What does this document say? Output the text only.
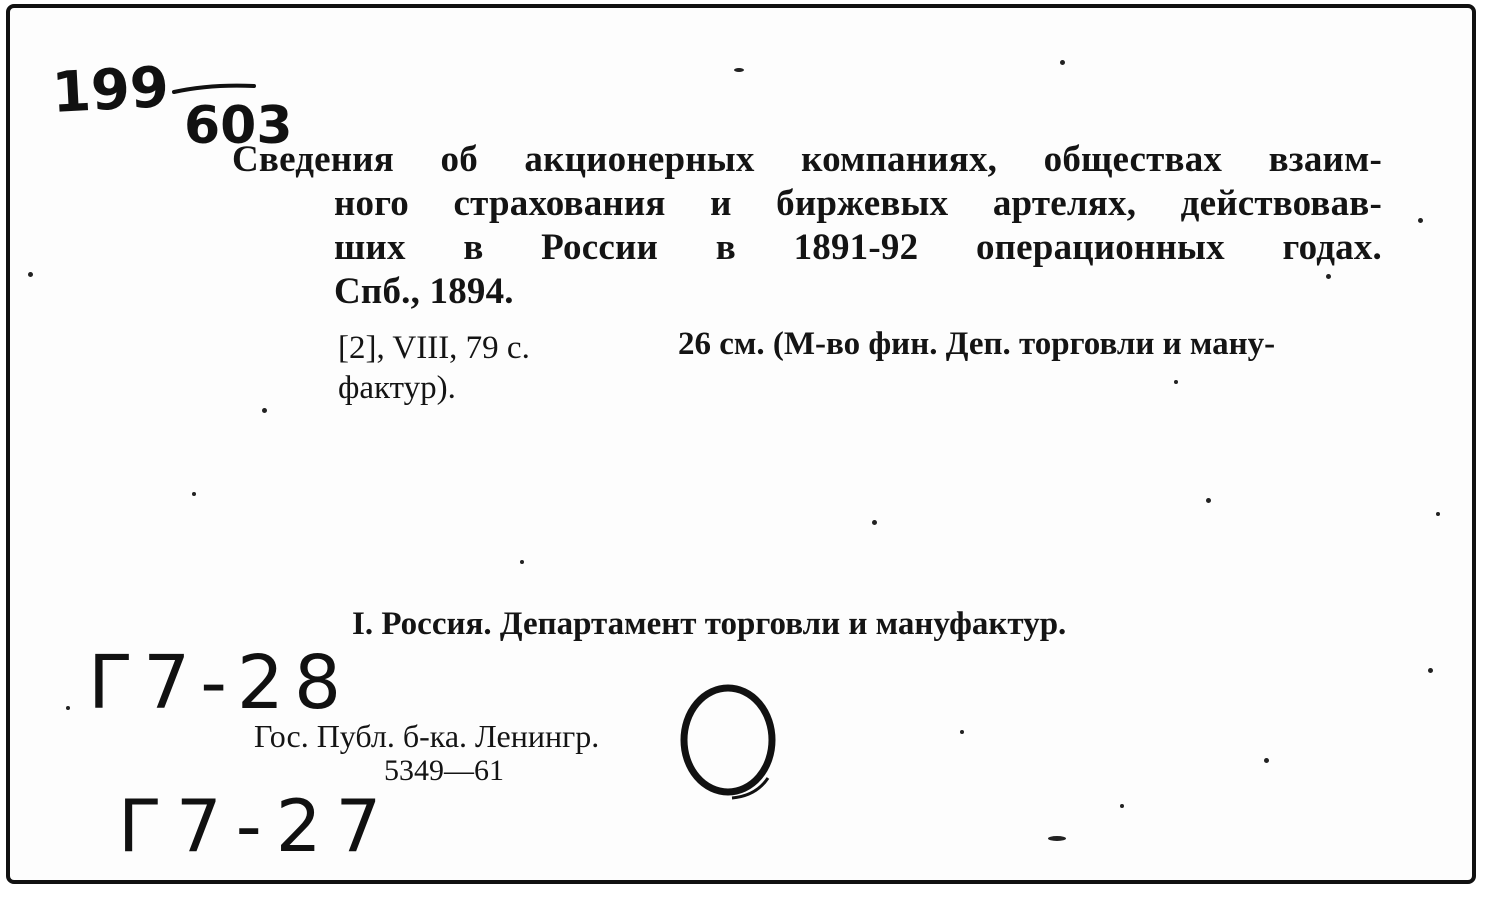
199 603
Сведения об акционерных компаниях, обществах взаим-
ного страхования и биржевых артелях, действовав-
ших в России в 1891-92 операционных годах.
Спб., 1894.
[2], VIII, 79 с.	26 см. (М-во фин. Деп. торговли и ману-
фактур).
I. Россия. Департамент торговли и мануфактур.
Г7-28
Г7-27
Гос. Публ. б-ка. Ленингр.
5349—61
